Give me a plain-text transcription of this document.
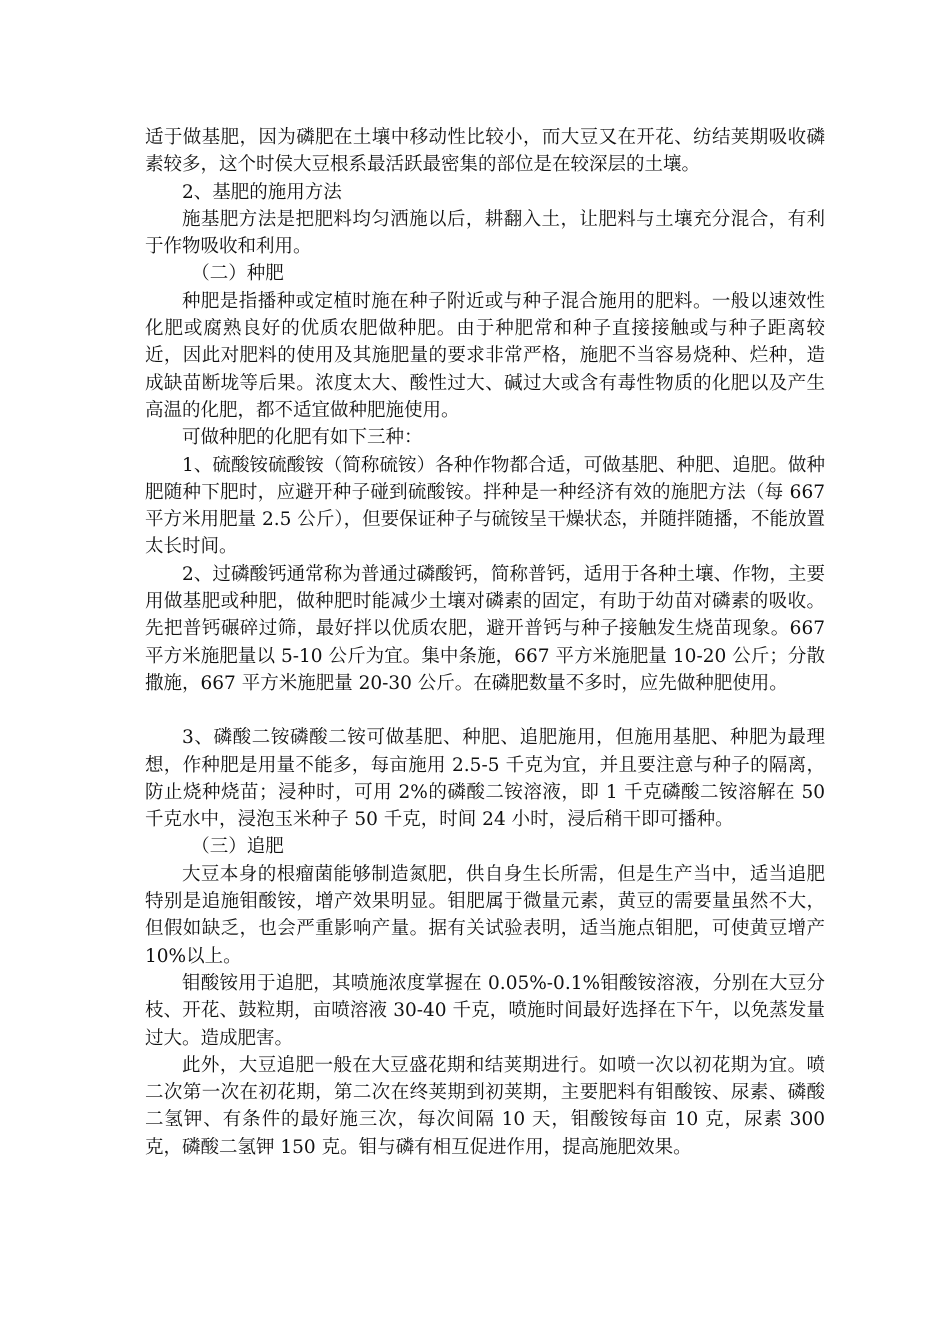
适于做基肥，因为磷肥在土壤中移动性比较小，而大豆又在开花、纺结荚期吸收磷素较多，这个时侯大豆根系最活跃最密集的部位是在较深层的土壤。

2、基肥的施用方法

施基肥方法是把肥料均匀洒施以后，耕翻入土，让肥料与土壤充分混合，有利于作物吸收和利用。

（二）种肥

种肥是指播种或定植时施在种子附近或与种子混合施用的肥料。一般以速效性化肥或腐熟良好的优质农肥做种肥。由于种肥常和种子直接接触或与种子距离较近，因此对肥料的使用及其施肥量的要求非常严格，施肥不当容易烧种、烂种，造成缺苗断垅等后果。浓度太大、酸性过大、碱过大或含有毒性物质的化肥以及产生高温的化肥，都不适宜做种肥施使用。

可做种肥的化肥有如下三种：

1、硫酸铵硫酸铵（简称硫铵）各种作物都合适，可做基肥、种肥、追肥。做种肥随种下肥时，应避开种子碰到硫酸铵。拌种是一种经济有效的施肥方法（每 667 平方米用肥量 2.5 公斤），但要保证种子与硫铵呈干燥状态，并随拌随播，不能放置太长时间。

2、过磷酸钙通常称为普通过磷酸钙，简称普钙，适用于各种土壤、作物，主要用做基肥或种肥，做种肥时能减少土壤对磷素的固定，有助于幼苗对磷素的吸收。先把普钙碾碎过筛，最好拌以优质农肥，避开普钙与种子接触发生烧苗现象。667 平方米施肥量以 5-10 公斤为宜。集中条施，667 平方米施肥量 10-20 公斤；分散撒施，667 平方米施肥量 20-30 公斤。在磷肥数量不多时，应先做种肥使用。

3、磷酸二铵磷酸二铵可做基肥、种肥、追肥施用，但施用基肥、种肥为最理想，作种肥是用量不能多，每亩施用 2.5-5 千克为宜，并且要注意与种子的隔离，防止烧种烧苗；浸种时，可用 2%的磷酸二铵溶液，即 1 千克磷酸二铵溶解在 50 千克水中，浸泡玉米种子 50 千克，时间 24 小时，浸后稍干即可播种。

（三）追肥

大豆本身的根瘤菌能够制造氮肥，供自身生长所需，但是生产当中，适当追肥特别是追施钼酸铵，增产效果明显。钼肥属于微量元素，黄豆的需要量虽然不大，但假如缺乏，也会严重影响产量。据有关试验表明，适当施点钼肥，可使黄豆增产 10%以上。

钼酸铵用于追肥，其喷施浓度掌握在 0.05%-0.1%钼酸铵溶液，分别在大豆分枝、开花、鼓粒期，亩喷溶液 30-40 千克，喷施时间最好选择在下午，以免蒸发量过大。造成肥害。

此外，大豆追肥一般在大豆盛花期和结荚期进行。如喷一次以初花期为宜。喷二次第一次在初花期，第二次在终荚期到初荚期，主要肥料有钼酸铵、尿素、磷酸二氢钾、有条件的最好施三次，每次间隔 10 天，钼酸铵每亩 10 克，尿素 300 克，磷酸二氢钾 150 克。钼与磷有相互促进作用，提高施肥效果。
